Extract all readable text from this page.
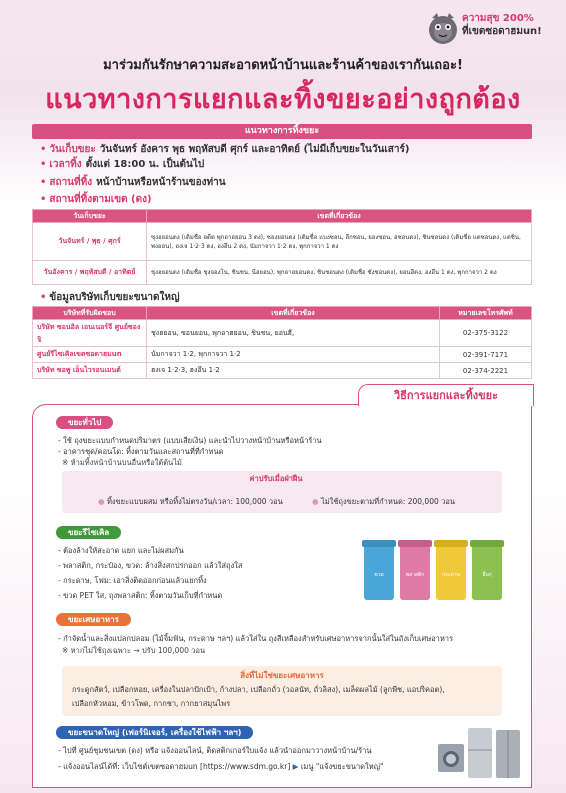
ความสุข 200%
ที่เขตซอดาฮมun!
มาร่วมกันรักษาความสะอาดหน้าบ้านและร้านค้าของเรากันเถอะ!
แนวทางการแยกและทิ้งขยะอย่างถูกต้อง
แนวทางการทิ้งขยะ
• วันเก็บขยะ วันจันทร์ อังคาร พุธ พฤหัสบดี ศุกร์ และอาทิตย์ (ไม่มีเก็บขยะในวันเสาร์)
• เวลาทิ้ง ตั้งแต่ 18:00 น. เป็นต้นไป
• สถานที่ทิ้ง หน้าบ้านหรือหน้าร้านของท่าน
• สถานที่ทิ้งตามเขต (ดง)
วันเก็บขยะ	เขตที่เกี่ยวข้อง
วันจันทร์ / พุธ / ศุกร์	ซุงฮยอนดง (เดิมชื่อ อดีต พุกอาฮยอน 3 ดง), ซองยอนดง (เดิมชื่อ แบงซอน, ลีกซอน, ยองซอน, ฮซอนดง), ชินซอนดง (เดิมชื่อ แดซอนดง, แดชิน, พงออน), ฮงเจ 1·2·3 ดง, ฮงอึน 2 ดง, นัมกาจวา 1·2 ดง, พุกกาจวา 1 ดง
วันอังคาร / พฤหัสบดี / อาทิตย์	ชุงฮยอนดง (เดิมชื่อ ชุงจองโน, ชินชน, นีฮยอน), พุกอาฮยอนดง, ชินชอนดง (เดิมชื่อ ชังชอนดง), ยอนฮีดง, ฮงอึน 1 ดง, พุกกาจวา 2 ดง
• ข้อมูลบริษัทเก็บขยะขนาดใหญ่
บริษัทที่รับผิดชอบ	เขตที่เกี่ยวข้อง	หมายเลขโทรศัพท์
บริษัท ซอนอิล เอนเนอร์จี ศูนย์ซองจู	ชุงฮยอน, ซอนยอน, พุกอาฮยอน, ชินชน, ยอนฮี,	02-375-3122
ศูนย์รีไซเคิลเขตซอดาฮมun	นัมกาจวา 1·2, พุกกาจวา 1·2	02-391-7171
บริษัท ซอพู เอ็นไวรอนเมนต์	ฮงเจ 1·2·3, ฮงอึน 1·2	02-374-2221
วิธีการแยกและทิ้งขยะ
ขยะทั่วไป
- ใช้ ถุงขยะแบบกำหนดปริมาตร (แบบเสียเงิน) และนำไปวางหน้าบ้านหรือหน้าร้าน
- อาคารชุด/คอนโด: ทิ้งตามวันและสถานที่ที่กำหนด
※ ห้ามทิ้งหน้าบ้านบนอื่นหรือใต้ต้นไม้
ค่าปรับเมื่อฝ่าฝืน
● ทิ้งขยะแบบผสม หรือทิ้งไม่ตรงวัน/เวลา: 100,000 วอน	● ไม่ใช้ถุงขยะตามที่กำหนด: 200,000 วอน
ขยะรีไซเคิล
- ต้องล้างให้สะอาด แยก และไม่ผสมกัน
- พลาสติก, กระป๋อง, ขวด: ล้างสิ่งสกปรกออก แล้วใส่ถุงใส
- กระดาษ, โฟม: เอาสิ่งติดออกก่อนแล้วแยกทิ้ง
- ขวด PET ใส, ถุงพลาสติก: ทิ้งตามวันเก็บที่กำหนด
ขวด	พลาสติก	กระดาษ	อื่นๆ
ขยะเศษอาหาร
- กำจัดน้ำและสิ่งแปลกปลอม (ไม้จิ้มฟัน, กระดาษ ฯลฯ) แล้วใส่ใน ถุงสีเหลืองสำหรับเศษอาหารจากนั้นใส่ในถังเก็บเศษอาหาร
※ หากไม่ใช้ถุงเฉพาะ → ปรับ 100,000 วอน
สิ่งที่ไม่ใช่ขยะเศษอาหาร
กระดูกสัตว์, เปลือกหอย, เครื่องในปลาปักเป้า, ก้างปลา, เปลือกถั่ว (วอลนัท, ถั่วลิสง), เมล็ดผลไม้ (ลูกพีช, แอปริคอต),
เปลือกหัวหอม, ข้าวโพด, กากชา, กากยาสมุนไพร
ขยะขนาดใหญ่ (เฟอร์นิเจอร์, เครื่องใช้ไฟฟ้า ฯลฯ)
- ไปที่ ศูนย์ชุมชนเขต (ดง) หรือ แจ้งออนไลน์, ติดสติกเกอร์ใบแจ้ง แล้วนำออกมาวางหน้าบ้าน/ร้าน
- แจ้งออนไลน์ได้ที่: เว็บไซต์เขตซอดาฮมun [https://www.sdm.go.kr] ▶ เมนู "แจ้งขยะขนาดใหญ่"
